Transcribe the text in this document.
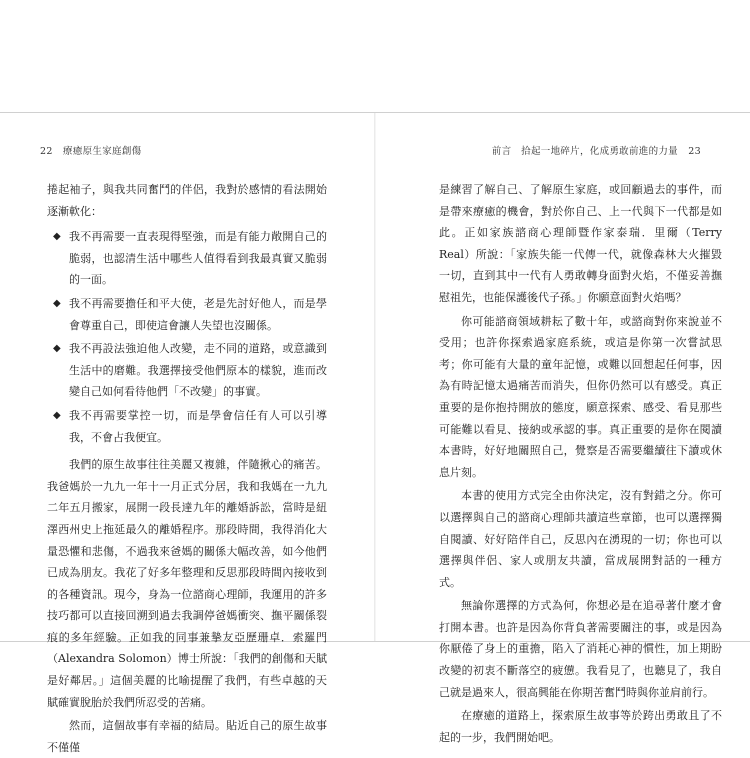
22 療癒原生家庭創傷

捲起袖子，與我共同奮鬥的伴侶，我對於感情的看法開始逐漸軟化：

◆ 我不再需要一直表現得堅強，而是有能力敞開自己的脆弱，也認清生活中哪些人值得看到我最真實又脆弱的一面。
◆ 我不再需要擔任和平大使，老是先討好他人，而是學會尊重自己，即使這會讓人失望也沒關係。
◆ 我不再設法強迫他人改變，走不同的道路，或意識到生活中的磨難。我選擇接受他們原本的樣貌，進而改變自己如何看待他們「不改變」的事實。
◆ 我不再需要掌控一切，而是學會信任有人可以引導我，不會占我便宜。

我們的原生故事往往美麗又複雜，伴隨揪心的痛苦。我爸媽於一九九一年十一月正式分居，我和我媽在一九九二年五月搬家，展開一段長達九年的離婚訴訟，當時是紐澤西州史上拖延最久的離婚程序。那段時間，我得消化大量恐懼和悲傷，不過我來爸媽的關係大幅改善，如今他們已成為朋友。我花了好多年整理和反思那段時間內接收到的各種資訊。現今，身為一位諮商心理師，我運用的許多技巧都可以直接回溯到過去我調停爸媽衝突、撫平關係裂痕的多年經驗。正如我的同事兼摯友亞歷珊卓．索羅門（Alexandra Solomon）博士所說：「我們的創傷和天賦是好鄰居。」這個美麗的比喻提醒了我們，有些卓越的天賦確實脫胎於我們所忍受的苦痛。

然而，這個故事有幸福的結局。貼近自己的原生故事不僅僅

前言　拾起一地碎片，化成勇敢前進的力量 23

是練習了解自己、了解原生家庭，或回顧過去的事件，而是帶來療癒的機會，對於你自己、上一代與下一代都是如此。正如家族諮商心理師暨作家泰瑞．里爾（Terry Real）所說：「家族失能一代傳一代，就像森林大火摧毀一切，直到其中一代有人勇敢轉身面對火焰，不僅妥善撫慰祖先，也能保護後代子孫。」你願意面對火焰嗎？

你可能諮商領域耕耘了數十年，或諮商對你來說並不受用；也許你探索過家庭系統，或這是你第一次嘗試思考；你可能有大量的童年記憶，或難以回想起任何事，因為有時記憶太過痛苦而消失，但你仍然可以有感受。真正重要的是你抱持開放的態度，願意探索、感受、看見那些可能難以看見、接納或承認的事。真正重要的是你在閱讀本書時，好好地關照自己，覺察是否需要繼續往下讀或休息片刻。

本書的使用方式完全由你決定，沒有對錯之分。你可以選擇與自己的諮商心理師共讀這些章節，也可以選擇獨自閱讀、好好陪伴自己，反思內在湧現的一切；你也可以選擇與伴侶、家人或朋友共讀，當成展開對話的一種方式。

無論你選擇的方式為何，你想必是在追尋著什麼才會打開本書。也許是因為你背負著需要關注的事，或是因為你厭倦了身上的重擔，陷入了消耗心神的慣性，加上期盼改變的初衷不斷落空的疲憊。我看見了，也聽見了，我自己就是過來人，很高興能在你期苦奮鬥時與你並肩前行。

在療癒的道路上，探索原生故事等於跨出勇敢且了不起的一步，我們開始吧。
